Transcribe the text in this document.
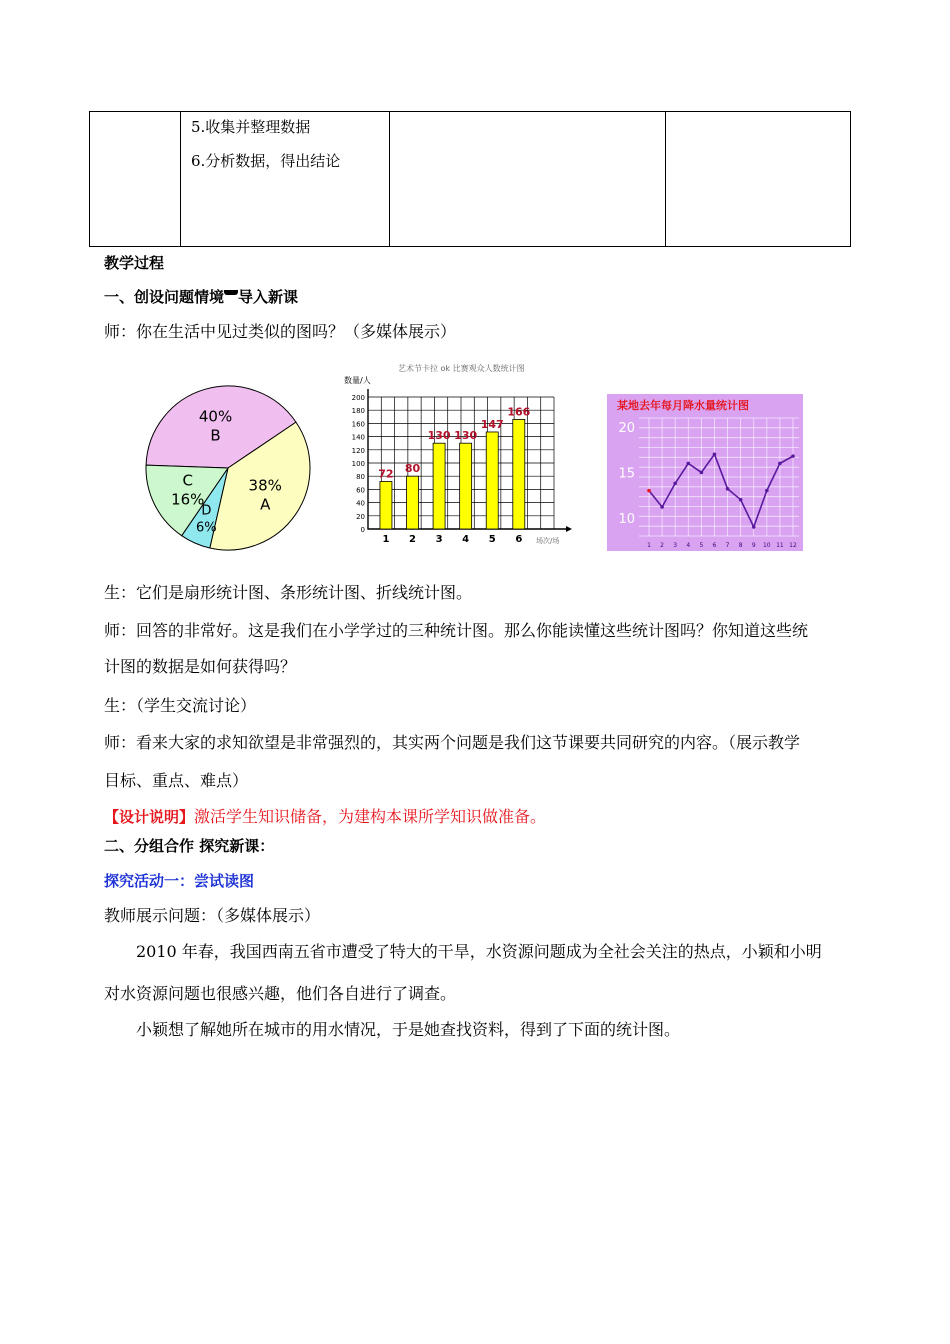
5.收集并整理数据
6.分析数据，得出结论

教学过程
一、创设问题情境 导入新课
师：你在生活中见过类似的图吗？（多媒体展示）
40%
B
38%
A
D
6%
C
16%
艺术节卡拉 ok 比赛观众人数统计图
数量/人
场次/场
0
20
40
60
80
100
120
140
160
180
200
72
1
80
2
130
3
130
4
147
5
166
6
某地去年每月降水量统计图
1 2 3 4 5 6 7 8 9 10 11 12
10
15
20
生：它们是扇形统计图、条形统计图、折线统计图。
师：回答的非常好。这是我们在小学学过的三种统计图。那么你能读懂这些统计图吗？你知道这些统
计图的数据是如何获得吗？
生：（学生交流讨论）
师：看来大家的求知欲望是非常强烈的，其实两个问题是我们这节课要共同研究的内容。（展示教学
目标、重点、难点）
【设计说明】激活学生知识储备，为建构本课所学知识做准备。
二、分组合作 探究新课：
探究活动一：尝试读图
教师展示问题：（多媒体展示）
2010 年春，我国西南五省市遭受了特大的干旱，水资源问题成为全社会关注的热点，小颖和小明
对水资源问题也很感兴趣，他们各自进行了调查。
小颖想了解她所在城市的用水情况，于是她查找资料，得到了下面的统计图。
